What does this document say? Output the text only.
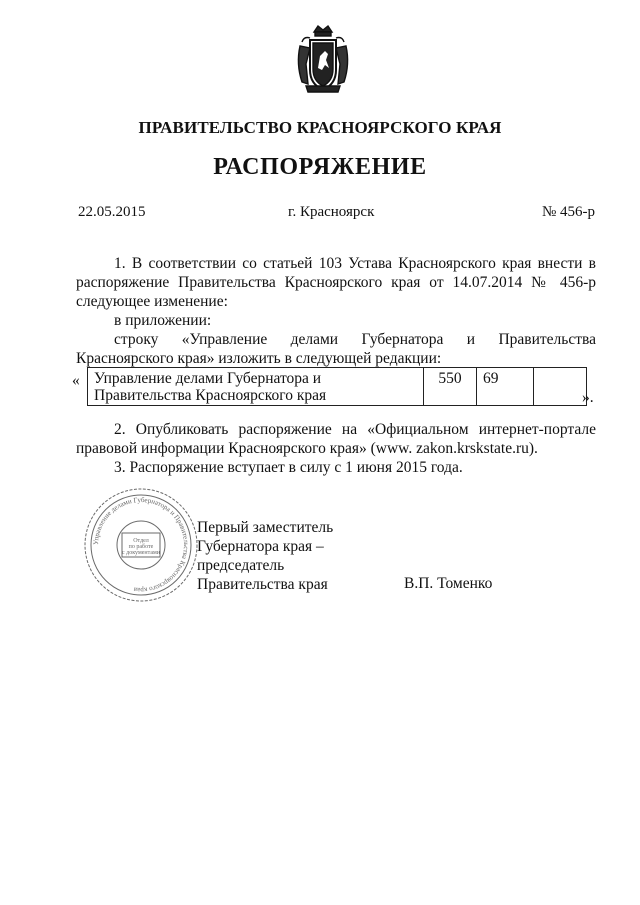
ПРАВИТЕЛЬСТВО КРАСНОЯРСКОГО КРАЯ
РАСПОРЯЖЕНИЕ
22.05.2015	г. Красноярск	№ 456-р
1. В соответствии со статьей 103 Устава Красноярского края внести в распоряжение Правительства Красноярского края от 14.07.2014 № 456-р следующее изменение:
в приложении:
строку «Управление делами Губернатора и Правительства Красноярского края» изложить в следующей редакции:
« Управление делами Губернатора и Правительства Красноярского края	550	69	
».
2. Опубликовать распоряжение на «Официальном интернет-портале правовой информации Красноярского края» (www. zakon.krskstate.ru).
3. Распоряжение вступает в силу с 1 июня 2015 года.
Управление делами Губернатора и Правительства Красноярского края
Отдел
по работе
с документами
Первый заместитель
Губернатора края –
председатель
Правительства края	В.П. Томенко
